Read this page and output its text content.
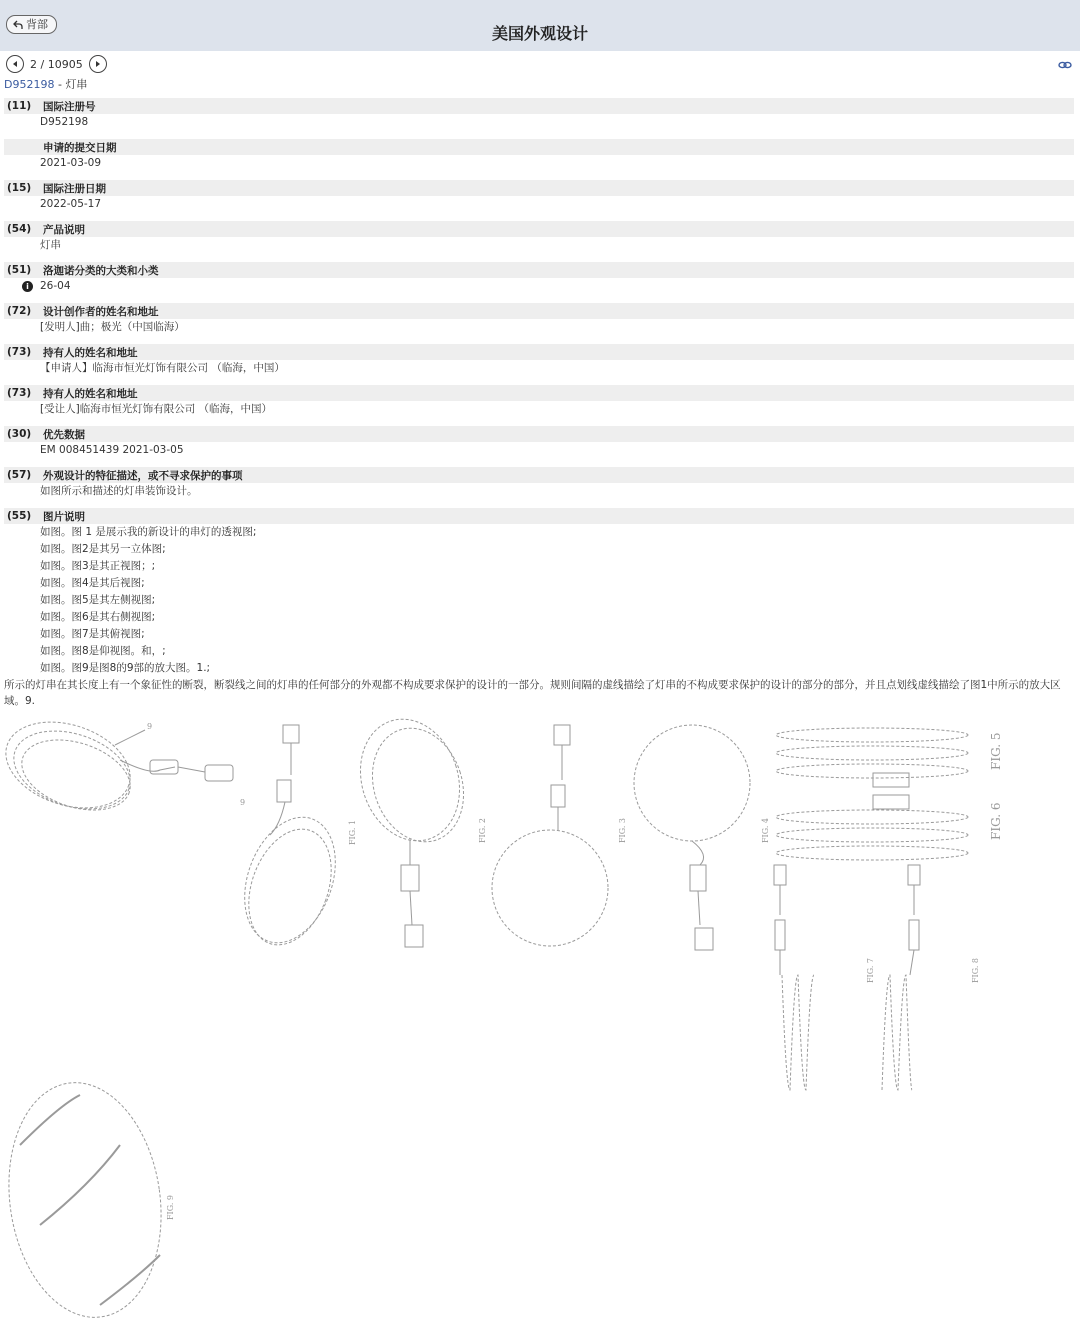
背部	美国外观设计
2 / 10905
D952198 - 灯串
(11)	国际注册号
D952198
申请的提交日期
2021-03-09
(15)	国际注册日期
2022-05-17
(54)	产品说明
灯串
(51)	洛迦诺分类的大类和小类
i	26-04
(72)	设计创作者的姓名和地址
[发明人]曲；极光（中国临海）
(73)	持有人的姓名和地址
【申请人】临海市恒光灯饰有限公司 （临海，中国）
(73)	持有人的姓名和地址
[受让人]临海市恒光灯饰有限公司 （临海，中国）
(30)	优先数据
EM 008451439 2021-03-05
(57)	外观设计的特征描述，或不寻求保护的事项
如图所示和描述的灯串装饰设计。
(55)	图片说明
如图。图 1 是展示我的新设计的串灯的透视图;
如图。图2是其另一立体图;
如图。图3是其正视图；;
如图。图4是其后视图;
如图。图5是其左侧视图;
如图。图6是其右侧视图;
如图。图7是其俯视图;
如图。图8是仰视图。和，;
如图。图9是图8的9部的放大图。1.;
所示的灯串在其长度上有一个象征性的断裂，断裂线之间的灯串的任何部分的外观都不构成要求保护的设计的一部分。规则间隔的虚线描绘了灯串的不构成要求保护的设计的部分的部分，并且点划线虚线描绘了图1中所示的放大区域。9.
FIG. 1	FIG. 2	FIG. 3	FIG. 4
FIG. 5
FIG. 6
FIG. 7	FIG. 8
FIG. 9
9
9
